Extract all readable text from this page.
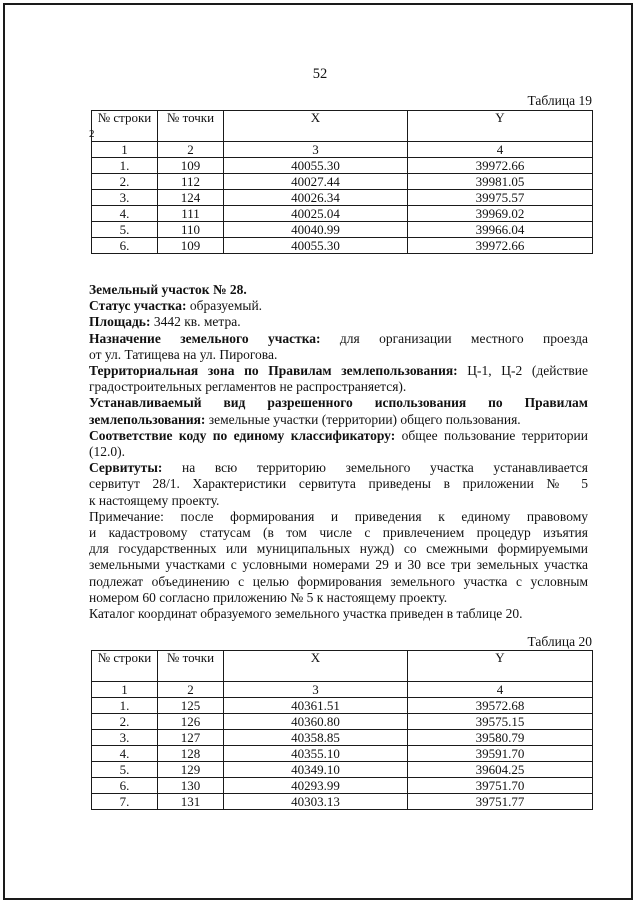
52
Таблица 19
2
№ строки	№ точки	X	Y
1	2	3	4
1.	109	40055.30	39972.66
2.	112	40027.44	39981.05
3.	124	40026.34	39975.57
4.	111	40025.04	39969.02
5.	110	40040.99	39966.04
6.	109	40055.30	39972.66

Земельный участок № 28.

Статус участка: образуемый.

Площадь: 3442 кв. метра.

Назначение земельного участка: для организации местного проезда

от ул. Татищева на ул. Пирогова.

Территориальная зона по Правилам землепользования: Ц-1, Ц-2 (действие

градостроительных регламентов не распространяется).

Устанавливаемый вид разрешенного использования по Правилам

землепользования: земельные участки (территории) общего пользования.

Соответствие коду по единому классификатору: общее пользование территории

(12.0).

Сервитуты: на всю территорию земельного участка устанавливается

сервитут 28/1. Характеристики сервитута приведены в приложении № 5

к настоящему проекту.

Примечание: после формирования и приведения к единому правовому

и кадастровому статусам (в том числе с привлечением процедур изъятия

для государственных или муниципальных нужд) со смежными формируемыми

земельными участками с условными номерами 29 и 30 все три земельных участка

подлежат объединению с целью формирования земельного участка с условным

номером 60 согласно приложению № 5 к настоящему проекту.

Каталог координат образуемого земельного участка приведен в таблице 20.

Таблица 20
№ строки	№ точки	X	Y
1	2	3	4
1.	125	40361.51	39572.68
2.	126	40360.80	39575.15
3.	127	40358.85	39580.79
4.	128	40355.10	39591.70
5.	129	40349.10	39604.25
6.	130	40293.99	39751.70
7.	131	40303.13	39751.77
